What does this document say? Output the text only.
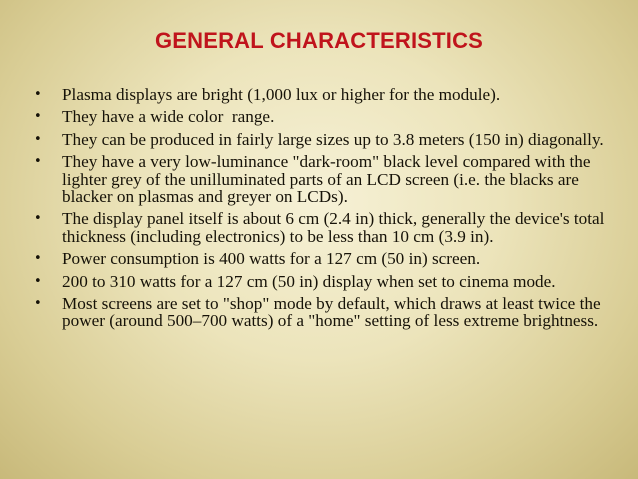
GENERAL CHARACTERISTICS
• Plasma displays are bright (1,000 lux or higher for the module).
• They have a wide color  range.
• They can be produced in fairly large sizes up to 3.8 meters (150 in) diagonally.
• They have a very low-luminance "dark-room" black level compared with the lighter grey of the unilluminated parts of an LCD screen (i.e. the blacks are blacker on plasmas and greyer on LCDs).
• The display panel itself is about 6 cm (2.4 in) thick, generally the device's total thickness (including electronics) to be less than 10 cm (3.9 in).
• Power consumption is 400 watts for a 127 cm (50 in) screen.
• 200 to 310 watts for a 127 cm (50 in) display when set to cinema mode.
• Most screens are set to "shop" mode by default, which draws at least twice the power (around 500–700 watts) of a "home" setting of less extreme brightness.
